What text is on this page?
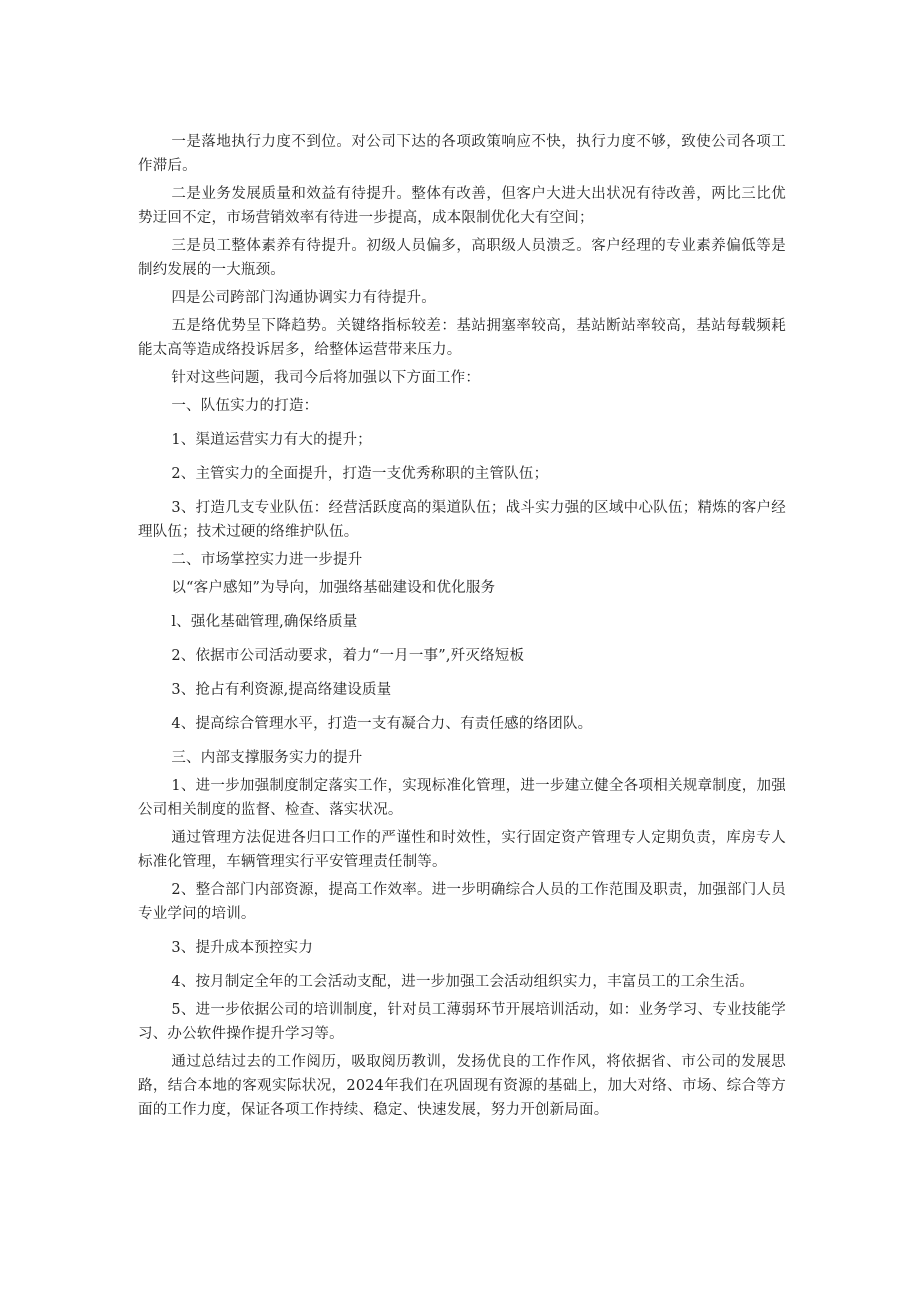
一是落地执行力度不到位。对公司下达的各项政策响应不快，执行力度不够，致使公司各项工作滞后。

二是业务发展质量和效益有待提升。整体有改善，但客户大进大出状况有待改善，两比三比优势迂回不定，市场营销效率有待进一步提高，成本限制优化大有空间；

三是员工整体素养有待提升。初级人员偏多，高职级人员溃乏。客户经理的专业素养偏低等是制约发展的一大瓶颈。

四是公司跨部门沟通协调实力有待提升。

五是络优势呈下降趋势。关键络指标较差：基站拥塞率较高，基站断站率较高，基站每载频耗能太高等造成络投诉居多，给整体运营带来压力。

针对这些问题，我司今后将加强以下方面工作：

一、队伍实力的打造：

1、渠道运营实力有大的提升；

2、主管实力的全面提升，打造一支优秀称职的主管队伍；

3、打造几支专业队伍：经营活跃度高的渠道队伍；战斗实力强的区域中心队伍；精炼的客户经理队伍；技术过硬的络维护队伍。

二、市场掌控实力进一步提升

以“客户感知”为导向，加强络基础建设和优化服务

l、强化基础管理,确保络质量

2、依据市公司活动要求，着力“一月一事”,歼灭络短板

3、抢占有利资源,提高络建设质量

4、提高综合管理水平，打造一支有凝合力、有责任感的络团队。

三、内部支撑服务实力的提升

1、进一步加强制度制定落实工作，实现标准化管理，进一步建立健全各项相关规章制度，加强公司相关制度的监督、检查、落实状况。

通过管理方法促进各归口工作的严谨性和时效性，实行固定资产管理专人定期负责，库房专人标准化管理，车辆管理实行平安管理责任制等。

2、整合部门内部资源，提高工作效率。进一步明确综合人员的工作范围及职责，加强部门人员专业学问的培训。

3、提升成本预控实力

4、按月制定全年的工会活动支配，进一步加强工会活动组织实力，丰富员工的工余生活。

5、进一步依据公司的培训制度，针对员工薄弱环节开展培训活动，如：业务学习、专业技能学习、办公软件操作提升学习等。

通过总结过去的工作阅历，吸取阅历教训，发扬优良的工作作风，将依据省、市公司的发展思路，结合本地的客观实际状况，2024年我们在巩固现有资源的基础上，加大对络、市场、综合等方面的工作力度，保证各项工作持续、稳定、快速发展，努力开创新局面。
